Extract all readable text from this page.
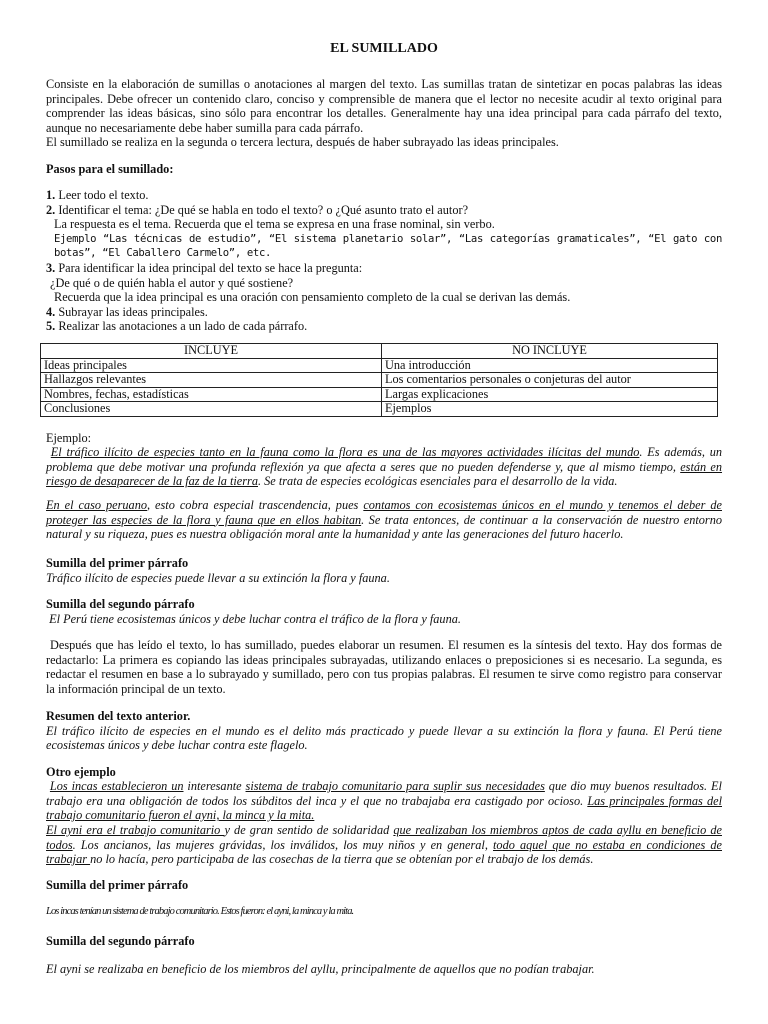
EL SUMILLADO
Consiste en la elaboración de sumillas o anotaciones al margen del texto. Las sumillas tratan de sintetizar en pocas palabras las ideas principales. Debe ofrecer un contenido claro, conciso y comprensible de manera que el lector no necesite acudir al texto original para comprender las ideas básicas, sino sólo para encontrar los detalles. Generalmente hay una idea principal para cada párrafo del texto, aunque no necesariamente debe haber sumilla para cada párrafo.
El sumillado se realiza en la segunda o tercera lectura, después de haber subrayado las ideas principales.
Pasos para el sumillado:
1. Leer todo el texto.
2. Identificar el tema: ¿De qué se habla en todo el texto? o ¿Qué asunto trato el autor?
La respuesta es el tema. Recuerda que el tema se expresa en una frase nominal, sin verbo.
Ejemplo “Las técnicas de estudio”, “El sistema planetario solar”, “Las categorías gramaticales”, “El gato con botas”, “El Caballero Carmelo”, etc.
3. Para identificar la idea principal del texto se hace la pregunta:
¿De qué o de quién habla el autor y qué sostiene?
Recuerda que la idea principal es una oración con pensamiento completo de la cual se derivan las demás.
4. Subrayar las ideas principales.
5. Realizar las anotaciones a un lado de cada párrafo.
INCLUYE	NO INCLUYE
Ideas principales	Una introducción
Hallazgos relevantes	Los comentarios personales o conjeturas del autor
Nombres, fechas, estadísticas	Largas explicaciones
Conclusiones	Ejemplos
Ejemplo:
El tráfico ilícito de especies tanto en la fauna como la flora es una de las mayores actividades ilícitas del mundo. Es además, un problema que debe motivar una profunda reflexión ya que afecta a seres que no pueden defenderse y, que al mismo tiempo, están en riesgo de desaparecer de la faz de la tierra. Se trata de especies ecológicas esenciales para el desarrollo de la vida.
En el caso peruano, esto cobra especial trascendencia, pues contamos con ecosistemas únicos en el mundo y tenemos el deber de proteger las especies de la flora y fauna que en ellos habitan. Se trata entonces, de continuar a la conservación de nuestro entorno natural y su riqueza, pues es nuestra obligación moral ante la humanidad y ante las generaciones del futuro hacerlo.
Sumilla del primer párrafo
Tráfico ilícito de especies puede llevar a su extinción la flora y fauna.
Sumilla del segundo párrafo
El Perú tiene ecosistemas únicos y debe luchar contra el tráfico de la flora y fauna.
Después que has leído el texto, lo has sumillado, puedes elaborar un resumen. El resumen es la síntesis del texto. Hay dos formas de redactarlo: La primera es copiando las ideas principales subrayadas, utilizando enlaces o preposiciones si es necesario. La segunda, es redactar el resumen en base a lo subrayado y sumillado, pero con tus propias palabras. El resumen te sirve como registro para conservar la información principal de un texto.
Resumen del texto anterior.
El tráfico ilícito de especies en el mundo es el delito más practicado y puede llevar a su extinción la flora y fauna. El Perú tiene ecosistemas únicos y debe luchar contra este flagelo.
Otro ejemplo
Los incas establecieron un interesante sistema de trabajo comunitario para suplir sus necesidades que dio muy buenos resultados. El trabajo era una obligación de todos los súbditos del inca y el que no trabajaba era castigado por ocioso. Las principales formas del trabajo comunitario fueron el ayni, la minca y la mita.
El ayni era el trabajo comunitario y de gran sentido de solidaridad que realizaban los miembros aptos de cada ayllu en beneficio de todos. Los ancianos, las mujeres grávidas, los inválidos, los muy niños y en general, todo aquel que no estaba en condiciones de trabajar no lo hacía, pero participaba de las cosechas de la tierra que se obtenían por el trabajo de los demás.
Sumilla del primer párrafo
Los incas tenían un sistema de trabajo comunitario. Estos fueron: el ayni, la minca y la mita.
Sumilla del segundo párrafo
El ayni se realizaba en beneficio de los miembros del ayllu, principalmente de aquellos que no podían trabajar.
